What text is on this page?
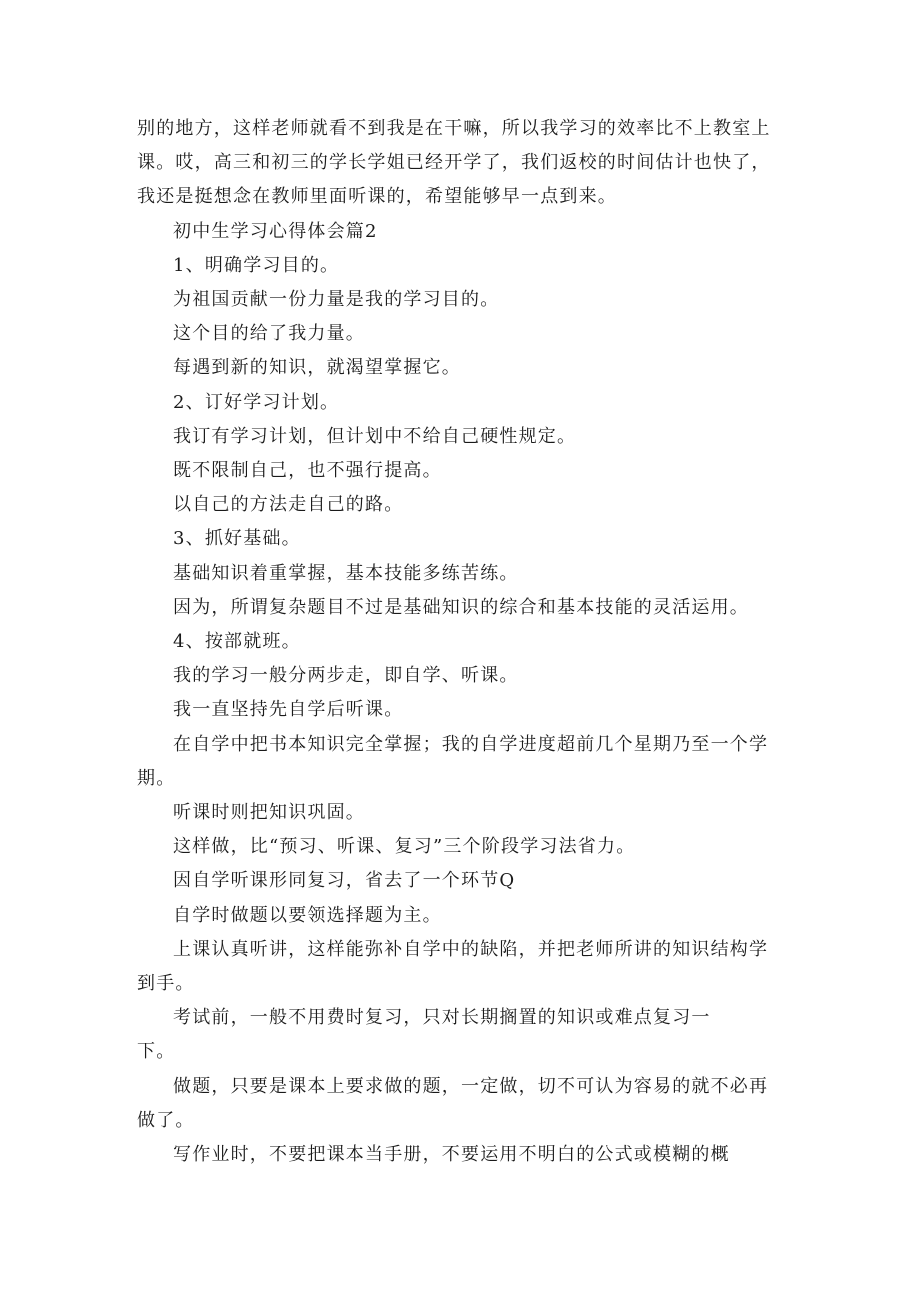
别的地方，这样老师就看不到我是在干嘛，所以我学习的效率比不上教室上课。哎，高三和初三的学长学姐已经开学了，我们返校的时间估计也快了，我还是挺想念在教师里面听课的，希望能够早一点到来。

初中生学习心得体会篇2

1、明确学习目的。

为祖国贡献一份力量是我的学习目的。

这个目的给了我力量。

每遇到新的知识，就渴望掌握它。

2、订好学习计划。

我订有学习计划，但计划中不给自己硬性规定。

既不限制自己，也不强行提高。

以自己的方法走自己的路。

3、抓好基础。

基础知识着重掌握，基本技能多练苦练。

因为，所谓复杂题目不过是基础知识的综合和基本技能的灵活运用。

4、按部就班。

我的学习一般分两步走，即自学、听课。

我一直坚持先自学后听课。

在自学中把书本知识完全掌握；我的自学进度超前几个星期乃至一个学期。

听课时则把知识巩固。

这样做，比“预习、听课、复习”三个阶段学习法省力。

因自学听课形同复习，省去了一个环节Q

自学时做题以要领选择题为主。

上课认真听讲，这样能弥补自学中的缺陷，并把老师所讲的知识结构学到手。

考试前，一般不用费时复习，只对长期搁置的知识或难点复习一
下。

做题，只要是课本上要求做的题，一定做，切不可认为容易的就不必再做了。

写作业时，不要把课本当手册，不要运用不明白的公式或模糊的概
